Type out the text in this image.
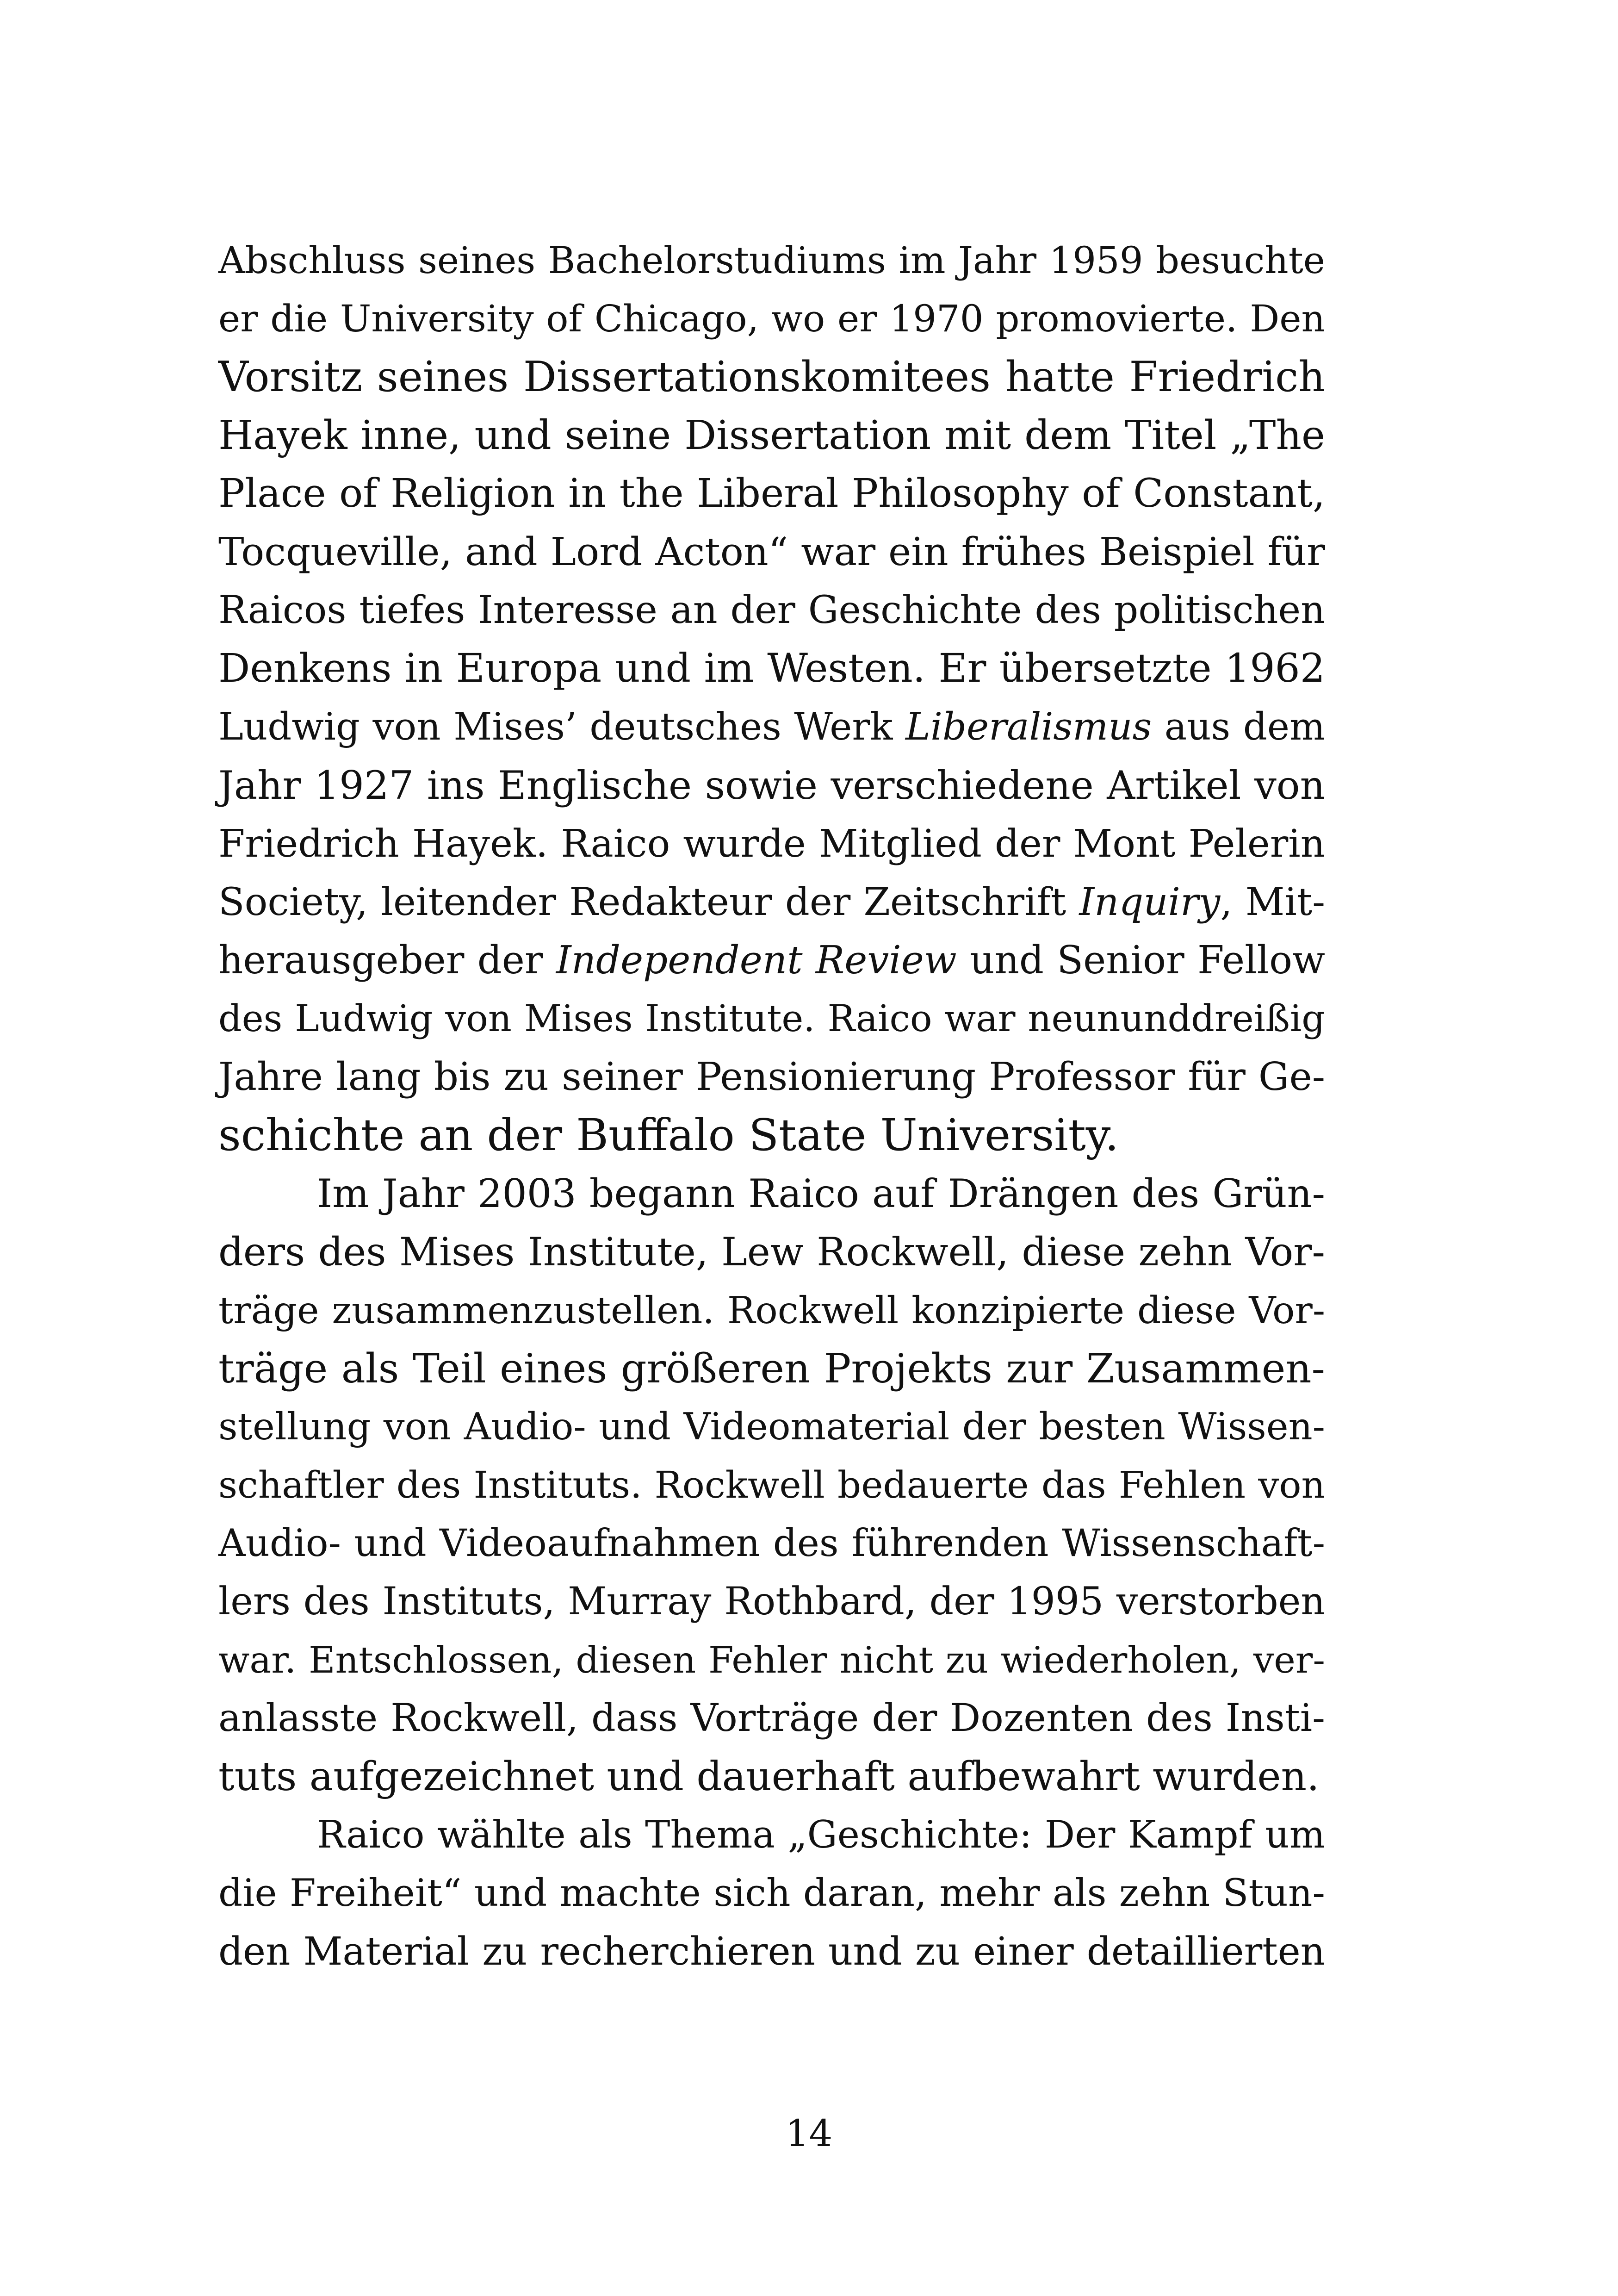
Abschluss seines Bachelorstudiums im Jahr 1959 besuchte
er die University of Chicago, wo er 1970 promovierte. Den
Vorsitz seines Dissertationskomitees hatte Friedrich
Hayek inne, und seine Dissertation mit dem Titel „The
Place of Religion in the Liberal Philosophy of Constant,
Tocqueville, and Lord Acton“ war ein frühes Beispiel für
Raicos tiefes Interesse an der Geschichte des politischen
Denkens in Europa und im Westen. Er übersetzte 1962
Ludwig von Mises’ deutsches Werk Liberalismus aus dem
Jahr 1927 ins Englische sowie verschiedene Artikel von
Friedrich Hayek. Raico wurde Mitglied der Mont Pelerin
Society, leitender Redakteur der Zeitschrift Inquiry, Mit-
herausgeber der Independent Review und Senior Fellow
des Ludwig von Mises Institute. Raico war neununddreißig
Jahre lang bis zu seiner Pensionierung Professor für Ge-
schichte an der Buffalo State University.
Im Jahr 2003 begann Raico auf Drängen des Grün-
ders des Mises Institute, Lew Rockwell, diese zehn Vor-
träge zusammenzustellen. Rockwell konzipierte diese Vor-
träge als Teil eines größeren Projekts zur Zusammen-
stellung von Audio- und Videomaterial der besten Wissen-
schaftler des Instituts. Rockwell bedauerte das Fehlen von
Audio- und Videoaufnahmen des führenden Wissenschaft-
lers des Instituts, Murray Rothbard, der 1995 verstorben
war. Entschlossen, diesen Fehler nicht zu wiederholen, ver-
anlasste Rockwell, dass Vorträge der Dozenten des Insti-
tuts aufgezeichnet und dauerhaft aufbewahrt wurden.
Raico wählte als Thema „Geschichte: Der Kampf um
die Freiheit“ und machte sich daran, mehr als zehn Stun-
den Material zu recherchieren und zu einer detaillierten
14
